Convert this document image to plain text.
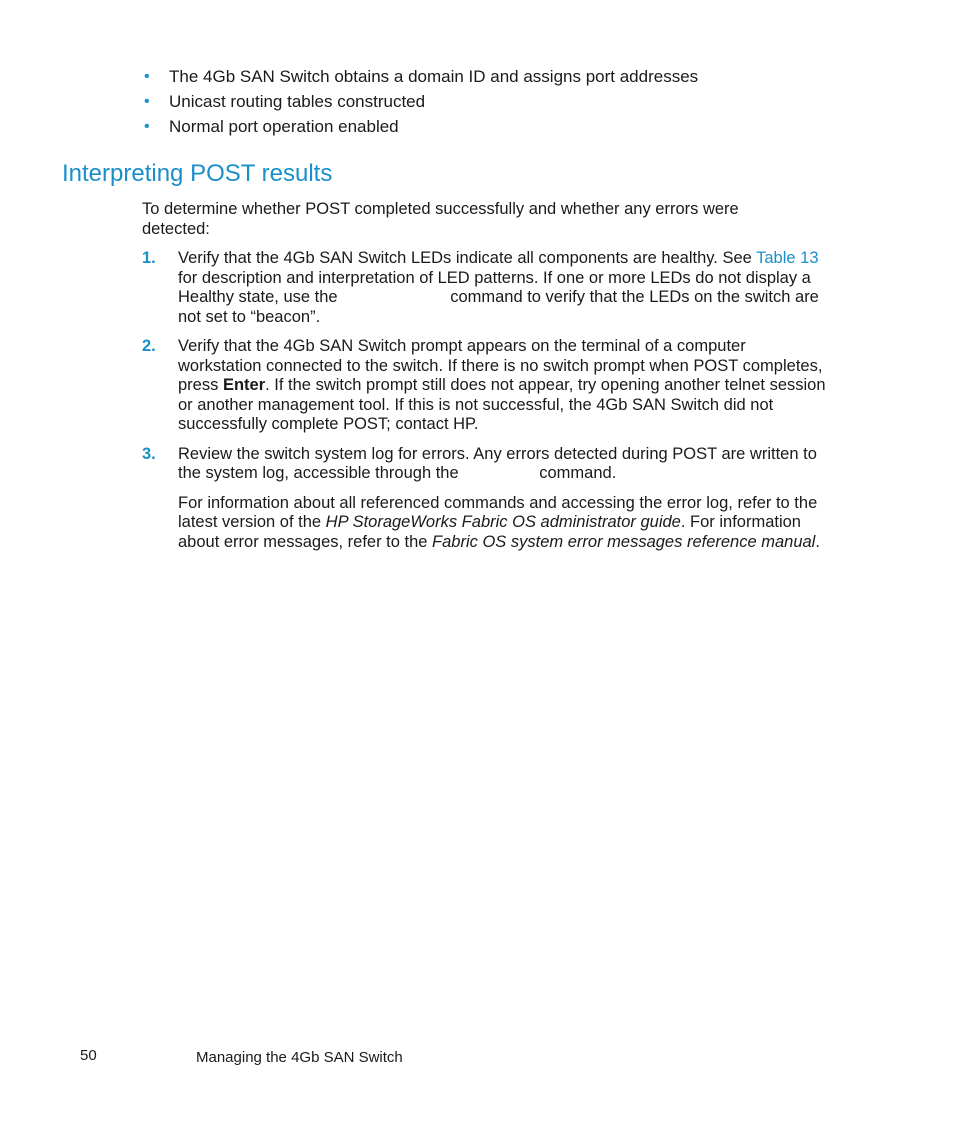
• The 4Gb SAN Switch obtains a domain ID and assigns port addresses
• Unicast routing tables constructed
• Normal port operation enabled
Interpreting POST results

To determine whether POST completed successfully and whether any errors were detected:

1. Verify that the 4Gb SAN Switch LEDs indicate all components are healthy. See Table 13 for description and interpretation of LED patterns. If one or more LEDs do not display a Healthy state, use the	command to verify that the LEDs on the switch are not set to “beacon”.
2. Verify that the 4Gb SAN Switch prompt appears on the terminal of a computer workstation connected to the switch. If there is no switch prompt when POST completes, press Enter. If the switch prompt still does not appear, try opening another telnet session or another management tool. If this is not successful, the 4Gb SAN Switch did not successfully complete POST; contact HP.
3. Review the switch system log for errors. Any errors detected during POST are written to the system log, accessible through the	command.

For information about all referenced commands and accessing the error log, refer to the latest version of the HP StorageWorks Fabric OS administrator guide. For information about error messages, refer to the Fabric OS system error messages reference manual.

50	Managing the 4Gb SAN Switch
